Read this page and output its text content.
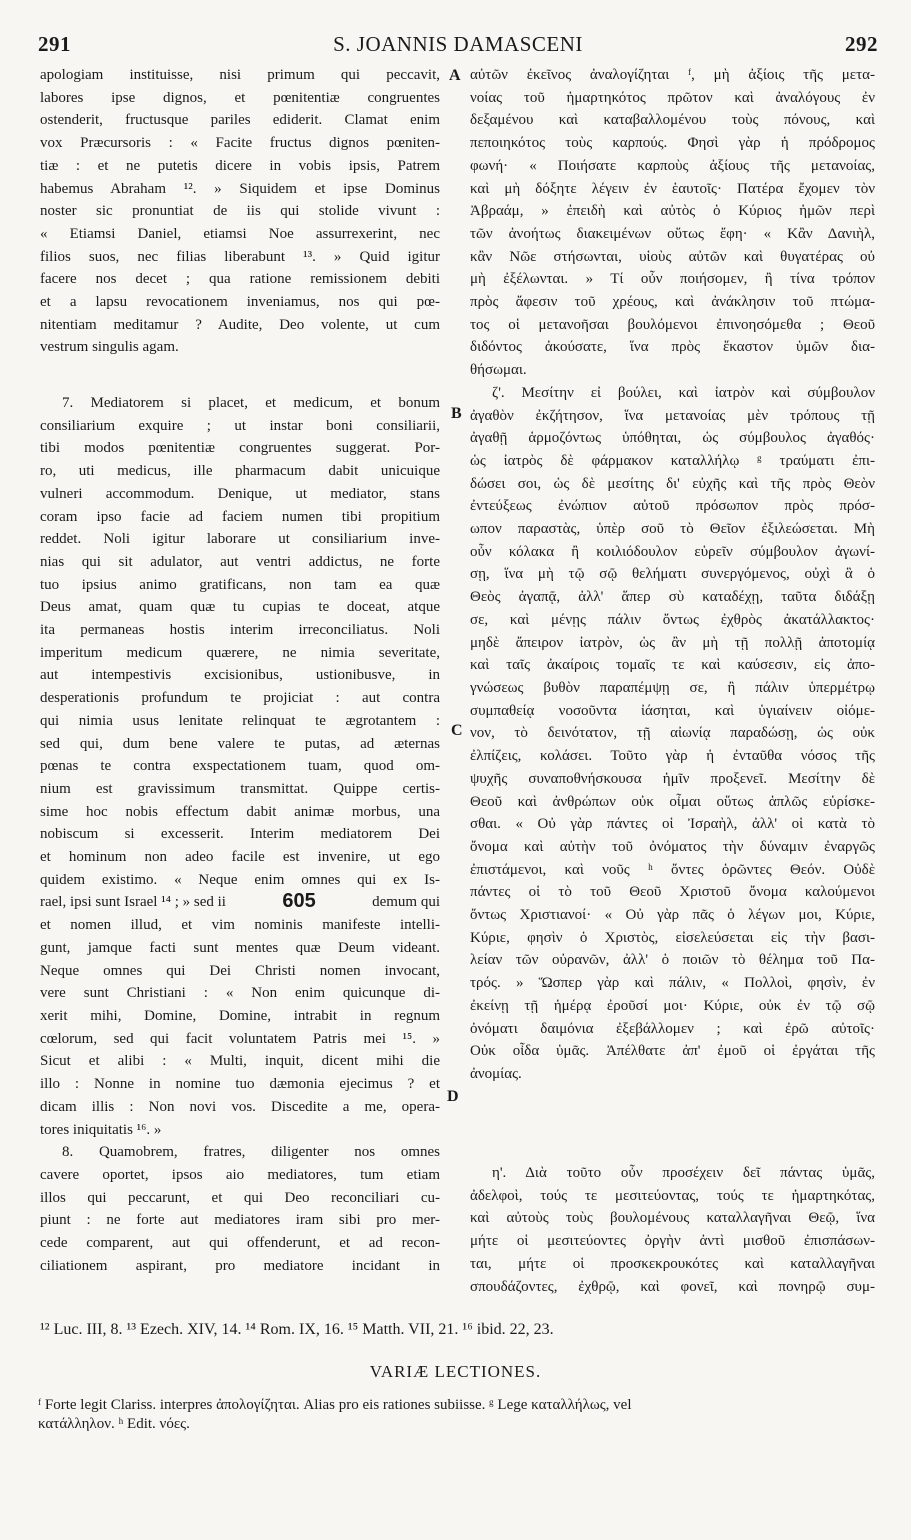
291	S. JOANNIS DAMASCENI	292
A
B
C
D
apologiam instituisse, nisi primum qui peccavit,
labores ipse dignos, et pœnitentiæ congruentes
ostenderit, fructusque pariles ediderit. Clamat enim
vox Præcursoris : « Facite fructus dignos pœniten-
tiæ : et ne putetis dicere in vobis ipsis, Patrem
habemus Abraham ¹². » Siquidem et ipse Dominus
noster sic pronuntiat de iis qui stolide vivunt :
« Etiamsi Daniel, etiamsi Noe assurrexerint, nec
filios suos, nec filias liberabunt ¹³. » Quid igitur
facere nos decet ; qua ratione remissionem debiti
et a lapsu revocationem inveniamus, nos qui pœ-
nitentiam meditamur ? Audite, Deo volente, ut cum
vestrum singulis agam.
7. Mediatorem si placet, et medicum, et bonum
consiliarium exquire ; ut instar boni consiliarii,
tibi modos pœnitentiæ congruentes suggerat. Por-
ro, uti medicus, ille pharmacum dabit unicuique
vulneri accommodum. Denique, ut mediator, stans
coram ipso facie ad faciem numen tibi propitium
reddet. Noli igitur laborare ut consiliarium inve-
nias qui sit adulator, aut ventri addictus, ne forte
tuo ipsius animo gratificans, non tam ea quæ
Deus amat, quam quæ tu cupias te doceat, atque
ita permaneas hostis interim irreconciliatus. Noli
imperitum medicum quærere, ne nimia severitate,
aut intempestivis excisionibus, ustionibusve, in
desperationis profundum te projiciat : aut contra
qui nimia usus lenitate relinquat te ægrotantem :
sed qui, dum bene valere te putas, ad æternas
pœnas te contra exspectationem tuam, quod om-
nium est gravissimum transmittat. Quippe certis-
sime hoc nobis effectum dabit animæ morbus, una
nobiscum si excesserit. Interim mediatorem Dei
et hominum non adeo facile est invenire, ut ego
quidem existimo. « Neque enim omnes qui ex Is-
rael, ipsi sunt Israel ¹⁴ ; » sed ii	605	demum qui
et nomen illud, et vim nominis manifeste intelli-
gunt, jamque facti sunt mentes quæ Deum videant.
Neque omnes qui Dei Christi nomen invocant,
vere sunt Christiani : « Non enim quicunque di-
xerit mihi, Domine, Domine, intrabit in regnum
cœlorum, sed qui facit voluntatem Patris mei ¹⁵. »
Sicut et alibi : « Multi, inquit, dicent mihi die
illo : Nonne in nomine tuo dæmonia ejecimus ? et
dicam illis : Non novi vos. Discedite a me, opera-
tores iniquitatis ¹⁶. »
8. Quamobrem, fratres, diligenter nos omnes
cavere oportet, ipsos aio mediatores, tum etiam
illos qui peccarunt, et qui Deo reconciliari cu-
piunt : ne forte aut mediatores iram sibi pro mer-
cede comparent, aut qui offenderunt, et ad recon-
ciliationem aspirant, pro mediatore incidant in
αὐτῶν ἐκεῖνος ἀναλογίζηται ᶠ, μὴ ἀξίοις τῆς μετα-
νοίας τοῦ ἡμαρτηκότος πρῶτον καὶ ἀναλόγους ἐν
δεξαμένου καὶ καταβαλλομένου τοὺς πόνους, καὶ
πεποιηκότος τοὺς καρπούς. Φησὶ γὰρ ἡ πρόδρομος
φωνή· « Ποιήσατε καρποὺς ἀξίους τῆς μετανοίας,
καὶ μὴ δόξητε λέγειν ἐν ἑαυτοῖς· Πατέρα ἔχομεν τὸν
Ἀβραάμ, » ἐπειδὴ καὶ αὐτὸς ὁ Κύριος ἡμῶν περὶ
τῶν ἀνοήτως διακειμένων οὕτως ἔφη· « Κἂν Δανιὴλ,
κἂν Νῶε στήσωνται, υἱοὺς αὐτῶν καὶ θυγατέρας οὐ
μὴ ἐξέλωνται. » Τί οὖν ποιήσομεν, ἢ τίνα τρόπον
πρὸς ἄφεσιν τοῦ χρέους, καὶ ἀνάκλησιν τοῦ πτώμα-
τος οἱ μετανοῆσαι βουλόμενοι ἐπινοησόμεθα ; Θεοῦ
διδόντος ἀκούσατε, ἵνα πρὸς ἕκαστον ὑμῶν δια-
θήσωμαι.
ζ'. Μεσίτην εἰ βούλει, καὶ ἰατρὸν καὶ σύμβουλον
ἀγαθὸν ἐκζήτησον, ἵνα μετανοίας μὲν τρόπους τῇ
ἀγαθῇ ἁρμοζόντως ὑπόθηται, ὡς σύμβουλος ἀγαθός·
ὡς ἰατρὸς δὲ φάρμακον καταλλήλῳ ᵍ τραύματι ἐπι-
δώσει σοι, ὡς δὲ μεσίτης δι' εὐχῆς καὶ τῆς πρὸς Θεὸν
ἐντεύξεως ἐνώπιον αὐτοῦ πρόσωπον πρὸς πρόσ-
ωπον παραστὰς, ὑπὲρ σοῦ τὸ Θεῖον ἐξιλεώσεται. Μὴ
οὖν κόλακα ἢ κοιλιόδουλον εὑρεῖν σύμβουλον ἀγωνί-
σῃ, ἵνα μὴ τῷ σῷ θελήματι συνεργόμενος, οὐχὶ ἃ ὁ
Θεὸς ἀγαπᾷ, ἀλλ' ἅπερ σὺ καταδέχῃ, ταῦτα διδάξῃ
σε, καὶ μένῃς πάλιν ὄντως ἐχθρὸς ἀκατάλλακτος·
μηδὲ ἄπειρον ἰατρὸν, ὡς ἂν μὴ τῇ πολλῇ ἀποτομίᾳ
καὶ ταῖς ἀκαίροις τομαῖς τε καὶ καύσεσιν, εἰς ἀπο-
γνώσεως βυθὸν παραπέμψῃ σε, ἢ πάλιν ὑπερμέτρῳ
συμπαθείᾳ νοσοῦντα ἰάσηται, καὶ ὑγιαίνειν οἰόμε-
νον, τὸ δεινότατον, τῇ αἰωνίᾳ παραδώσῃ, ὡς οὐκ
ἐλπίζεις, κολάσει. Τοῦτο γὰρ ἡ ἐνταῦθα νόσος τῆς
ψυχῆς συναποθνήσκουσα ἡμῖν προξενεῖ. Μεσίτην δὲ
Θεοῦ καὶ ἀνθρώπων οὐκ οἶμαι οὕτως ἁπλῶς εὑρίσκε-
σθαι. « Οὐ γὰρ πάντες οἱ Ἰσραὴλ, ἀλλ' οἱ κατὰ τὸ
ὄνομα καὶ αὐτὴν τοῦ ὀνόματος τὴν δύναμιν ἐναργῶς
ἐπιστάμενοι, καὶ νοῦς ʰ ὄντες ὁρῶντες Θεόν. Οὐδὲ
πάντες οἱ τὸ τοῦ Θεοῦ Χριστοῦ ὄνομα καλούμενοι
ὄντως Χριστιανοί· « Οὐ γὰρ πᾶς ὁ λέγων μοι, Κύριε,
Κύριε, φησὶν ὁ Χριστὸς, εἰσελεύσεται εἰς τὴν βασι-
λείαν τῶν οὐρανῶν, ἀλλ' ὁ ποιῶν τὸ θέλημα τοῦ Πα-
τρός. » Ὥσπερ γὰρ καὶ πάλιν, « Πολλοὶ, φησὶν, ἐν
ἐκείνῃ τῇ ἡμέρᾳ ἐροῦσί μοι· Κύριε, οὐκ ἐν τῷ σῷ
ὀνόματι δαιμόνια ἐξεβάλλομεν ; καὶ ἐρῶ αὐτοῖς·
Οὐκ οἶδα ὑμᾶς. Ἀπέλθατε ἀπ' ἐμοῦ οἱ ἐργάται τῆς
ἀνομίας.
η'. Διὰ τοῦτο οὖν προσέχειν δεῖ πάντας ὑμᾶς,
ἀδελφοὶ, τούς τε μεσιτεύοντας, τούς τε ἡμαρτηκότας,
καὶ αὐτοὺς τοὺς βουλομένους καταλλαγῆναι Θεῷ, ἵνα
μήτε οἱ μεσιτεύοντες ὀργὴν ἀντὶ μισθοῦ ἐπισπάσων-
ται, μήτε οἱ προσκεκρουκότες καὶ καταλλαγῆναι
σπουδάζοντες, ἐχθρῷ, καὶ φονεῖ, καὶ πονηρῷ συμ-
¹² Luc. III, 8. ¹³ Ezech. XIV, 14. ¹⁴ Rom. IX, 16. ¹⁵ Matth. VII, 21. ¹⁶ ibid. 22, 23.
VARIÆ LECTIONES.
ᶠ Forte legit Clariss. interpres ἀπολογίζηται. Alias pro eis rationes subiisse. ᵍ Lege καταλλήλως, vel
κατάλληλον. ʰ Edit. νόες.
